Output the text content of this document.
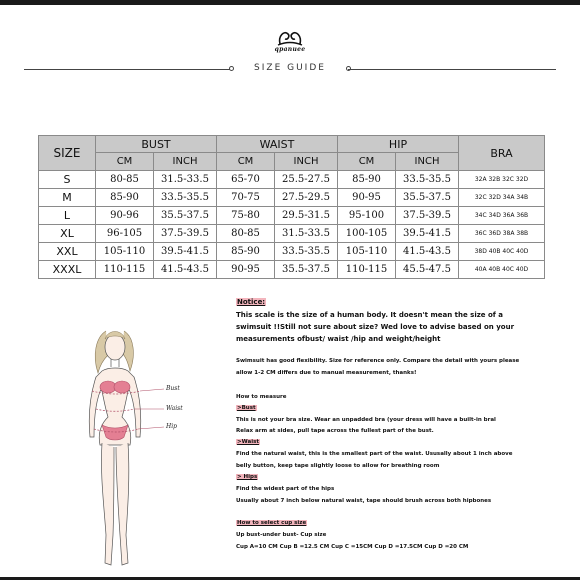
qpanuee
SIZE GUIDE
SIZE	BUST		WAIST		HIP		BRA
	CM	INCH	CM	INCH	CM	INCH	
S	80-85	31.5-33.5	65-70	25.5-27.5	85-90	33.5-35.5	32A 32B 32C 32D
M	85-90	33.5-35.5	70-75	27.5-29.5	90-95	35.5-37.5	32C 32D 34A 34B
L	90-96	35.5-37.5	75-80	29.5-31.5	95-100	37.5-39.5	34C 34D 36A 36B
XL	96-105	37.5-39.5	80-85	31.5-33.5	100-105	39.5-41.5	36C 36D 38A 38B
XXL	105-110	39.5-41.5	85-90	33.5-35.5	105-110	41.5-43.5	38D 40B 40C 40D
XXXL	110-115	41.5-43.5	90-95	35.5-37.5	110-115	45.5-47.5	40A 40B 40C 40D
Bust
Waist
Hip
Notice:
This scale is the size of a human body. It doesn't mean the size of a
swimsuit !!Still not sure about size? Wed love to advise based on your
measurements ofbust/ waist /hip and weight/height
Swimsuit has good flexibility. Size for reference only. Compare the detail with yours please
allow 1-2 CM differs due to manual measurement, thanks!
How to measure
>Bust
This is not your bra size. Wear an unpadded bra (your dress will have a built-in bral
Relax arm at sides, pull tape across the fullest part of the bust.
>Waist
Find the natural waist, this is the smallest part of the waist. Ususally about 1 inch above
belly button, keep tape slightly loose to allow for breathing room
> Hips
Find the widest part of the hips
Usually about 7 inch below natural waist, tape should brush across both hipbones
How to select cup size
Up bust-under bust- Cup size
Cup A=10 CM Cup B =12.5 CM Cup C =15CM Cup D =17.5CM Cup D =20 CM
